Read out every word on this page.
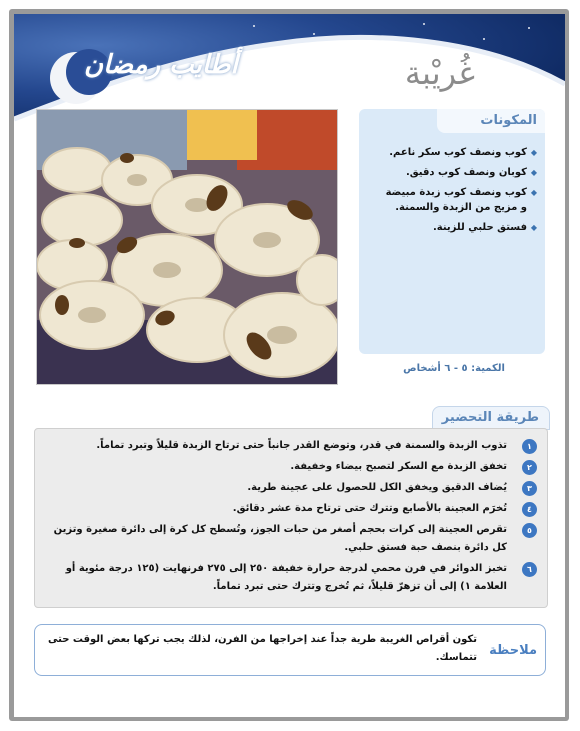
أطايب رمضان	غُريْبة
المكونات
◆
كوب ونصف كوب سكر ناعم.
◆
كوبان ونصف كوب دقيق.
◆
كوب ونصف كوب زبدة مبيضة
و مزيج من الزبدة والسمنة.
◆
فستق حلبي للزينة.
الكمية: ٥ - ٦ أشخاص
طريقة التحضير
١
تذوب الزبدة والسمنة في قدر، وتوضع القدر جانباً حتى ترتاح الزبدة قليلاً وتبرد تماماً.
٢
تخفق الزبدة مع السكر لتصبح بيضاء وخفيفة.
٣
يُضاف الدقيق ويخفق الكل للحصول على عجينة طرية.
٤
تُخرَم العجينة بالأصابع وتترك حتى ترتاح مدة عشر دقائق.
٥
تقرص العجينة إلى كرات بحجم أصغر من حبات الجوز، وتُسطح كل كرة إلى دائرة صغيرة وتزين كل دائرة بنصف حبة فستق حلبي.
٦
تخبز الدوائر في فرن محمي لدرجة حرارة خفيفة ٢٥٠ إلى ٢٧٥ فرنهايت (١٢٥ درجة مئوية أو العلامة ١) إلى أن تزهرّ قليلاً، ثم تُخرج وتترك حتى تبرد تماماً.
ملاحظة
تكون أقراص الغريبة طرية جداً عند إخراجها من الفرن، لذلك يجب تركها بعض الوقت حتى تتماسك.
